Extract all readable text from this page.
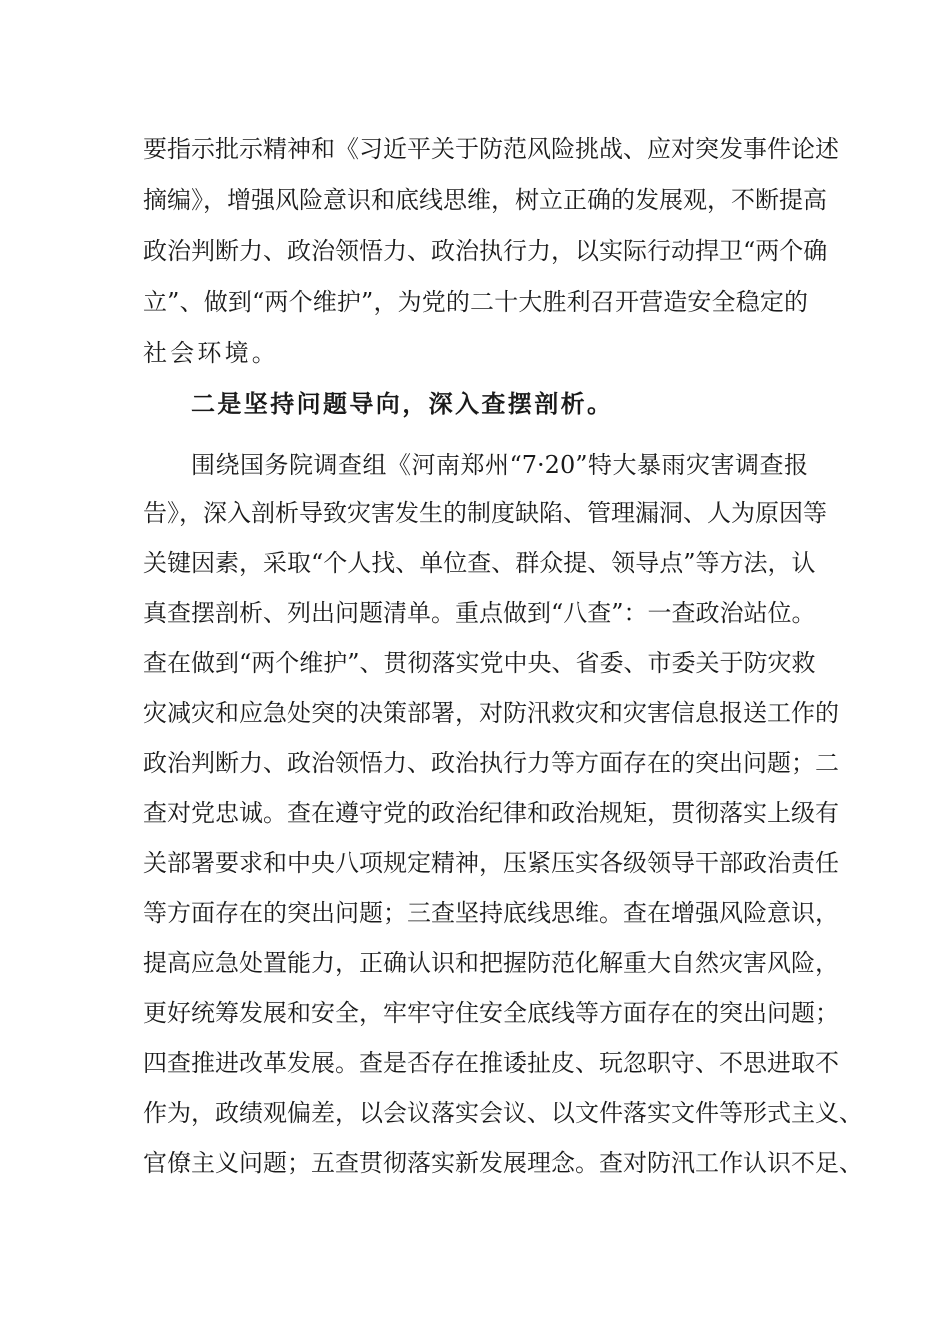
要指示批示精神和《习近平关于防范风险挑战、应对突发事件论述
摘编》，增强风险意识和底线思维，树立正确的发展观，不断提高
政治判断力、政治领悟力、政治执行力，以实际行动捍卫“两个确
立”、做到“两个维护”，为党的二十大胜利召开营造安全稳定的
社会环境。
二是坚持问题导向，深入查摆剖析。
围绕国务院调查组《河南郑州“7·20”特大暴雨灾害调查报
告》，深入剖析导致灾害发生的制度缺陷、管理漏洞、人为原因等
关键因素，采取“个人找、单位查、群众提、领导点”等方法，认
真查摆剖析、列出问题清单。重点做到“八查”：一查政治站位。
查在做到“两个维护”、贯彻落实党中央、省委、市委关于防灾救
灾减灾和应急处突的决策部署，对防汛救灾和灾害信息报送工作的
政治判断力、政治领悟力、政治执行力等方面存在的突出问题；二
查对党忠诚。查在遵守党的政治纪律和政治规矩，贯彻落实上级有
关部署要求和中央八项规定精神，压紧压实各级领导干部政治责任
等方面存在的突出问题；三查坚持底线思维。查在增强风险意识，
提高应急处置能力，正确认识和把握防范化解重大自然灾害风险，
更好统筹发展和安全，牢牢守住安全底线等方面存在的突出问题；
四查推进改革发展。查是否存在推诿扯皮、玩忽职守、不思进取不
作为，政绩观偏差，以会议落实会议、以文件落实文件等形式主义、
官僚主义问题；五查贯彻落实新发展理念。查对防汛工作认识不足、
